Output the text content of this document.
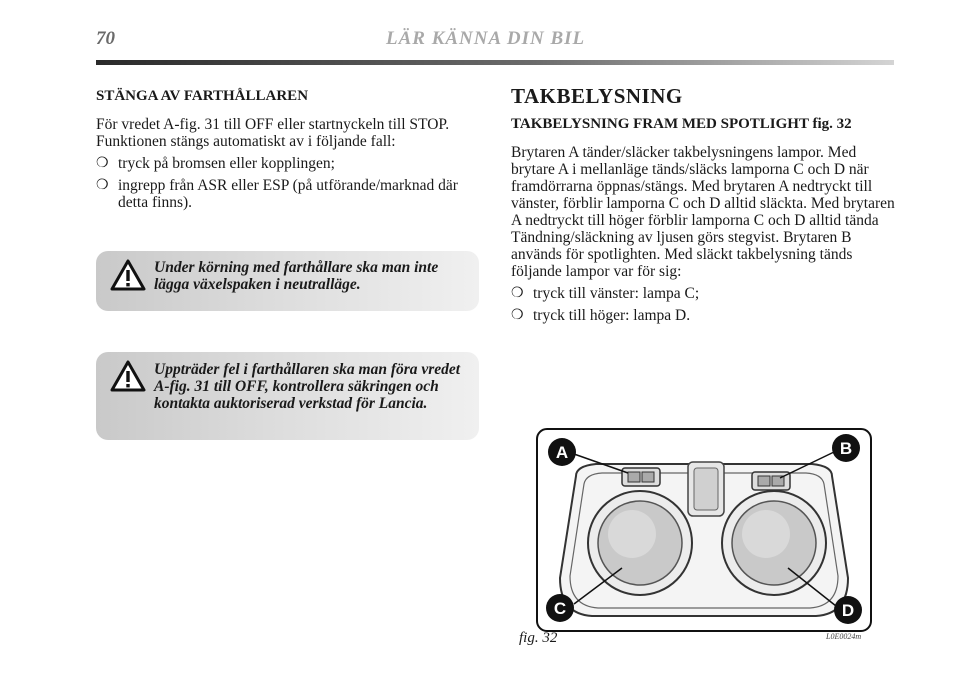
70	LÄR KÄNNA DIN BIL

STÄNGA AV FARTHÅLLAREN

För vredet A-fig. 31 till OFF eller startnyckeln till STOP. Funktionen stängs automatiskt av i följande fall:

❍ tryck på bromsen eller kopplingen;
❍ ingrepp från ASR eller ESP (på utförande/marknad där detta finns).
Under körning med farthållare ska man inte lägga växelspaken i neutralläge.
Uppträder fel i farthållaren ska man föra vredet A-fig. 31 till OFF, kontrollera säkringen och kontakta auktoriserad verkstad för Lancia.
TAKBELYSNING

TAKBELYSNING FRAM MED SPOTLIGHT fig. 32

Brytaren A tänder/släcker takbelysningens lampor. Med brytare A i mellanläge tänds/släcks lamporna C och D när framdörrarna öppnas/stängs. Med brytaren A nedtryckt till vänster, förblir lamporna C och D alltid släckta. Med brytaren A nedtryckt till höger förblir lamporna C och D alltid tända Tändning/släckning av ljusen görs stegvist. Brytaren B används för spotlighten. Med släckt takbelysning tänds följande lampor var för sig:

❍ tryck till vänster: lampa C;
❍ tryck till höger: lampa D.
A	B
C	D
fig. 32	L0E0024m
